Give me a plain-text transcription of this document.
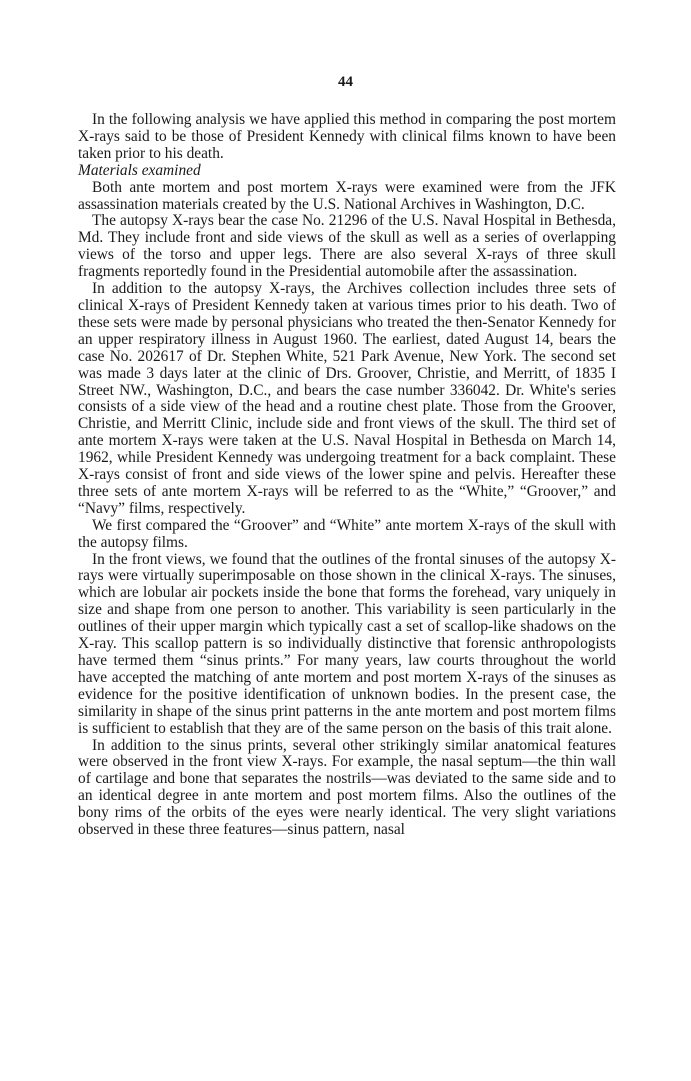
44

In the following analysis we have applied this method in comparing the post mortem X-rays said to be those of President Kennedy with clinical films known to have been taken prior to his death.

Materials examined

Both ante mortem and post mortem X-rays were examined were from the JFK assassination materials created by the U.S. National Archives in Washington, D.C.

The autopsy X-rays bear the case No. 21296 of the U.S. Naval Hospital in Bethesda, Md. They include front and side views of the skull as well as a series of overlapping views of the torso and upper legs. There are also several X-rays of three skull fragments reportedly found in the Presidential automobile after the assassination.

In addition to the autopsy X-rays, the Archives collection includes three sets of clinical X-rays of President Kennedy taken at various times prior to his death. Two of these sets were made by personal physicians who treated the then-Senator Kennedy for an upper respiratory illness in August 1960. The earliest, dated August 14, bears the case No. 202617 of Dr. Stephen White, 521 Park Avenue, New York. The second set was made 3 days later at the clinic of Drs. Groover, Christie, and Merritt, of 1835 I Street NW., Washington, D.C., and bears the case number 336042. Dr. White's series consists of a side view of the head and a routine chest plate. Those from the Groover, Christie, and Merritt Clinic, include side and front views of the skull. The third set of ante mortem X-rays were taken at the U.S. Naval Hospital in Bethesda on March 14, 1962, while President Kennedy was undergoing treatment for a back complaint. These X-rays consist of front and side views of the lower spine and pelvis. Hereafter these three sets of ante mortem X-rays will be referred to as the “White,” “Groover,” and “Navy” films, respectively.

We first compared the “Groover” and “White” ante mortem X-rays of the skull with the autopsy films.

In the front views, we found that the outlines of the frontal sinuses of the autopsy X-rays were virtually superimposable on those shown in the clinical X-rays. The sinuses, which are lobular air pockets inside the bone that forms the forehead, vary uniquely in size and shape from one person to another. This variability is seen particularly in the outlines of their upper margin which typically cast a set of scallop-like shadows on the X-ray. This scallop pattern is so individually distinctive that forensic anthropologists have termed them “sinus prints.” For many years, law courts throughout the world have accepted the matching of ante mortem and post mortem X-rays of the sinuses as evidence for the positive identification of unknown bodies. In the present case, the similarity in shape of the sinus print patterns in the ante mortem and post mortem films is sufficient to establish that they are of the same person on the basis of this trait alone.

In addition to the sinus prints, several other strikingly similar anatomical features were observed in the front view X-rays. For example, the nasal septum—the thin wall of cartilage and bone that separates the nostrils—was deviated to the same side and to an identical degree in ante mortem and post mortem films. Also the outlines of the bony rims of the orbits of the eyes were nearly identical. The very slight variations observed in these three features—sinus pattern, nasal
